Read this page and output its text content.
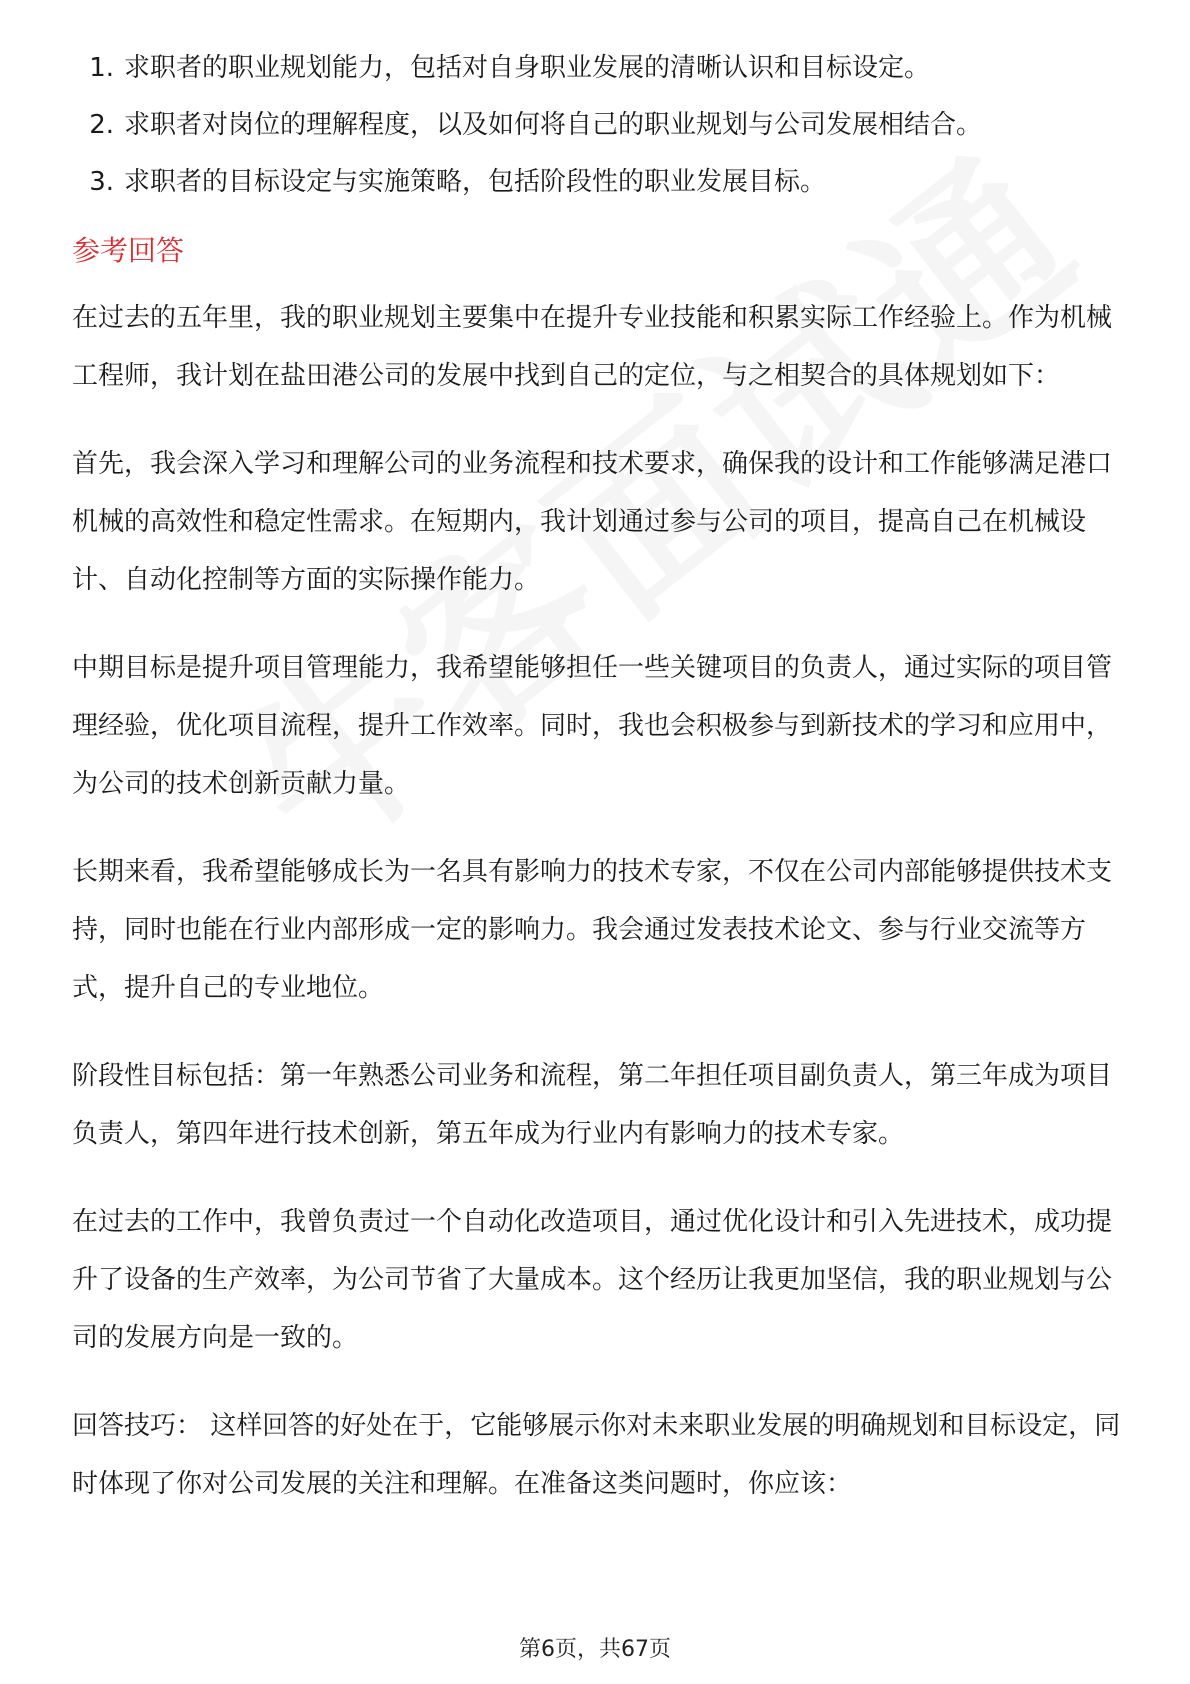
1. 求职者的职业规划能力，包括对自身职业发展的清晰认识和目标设定。
2. 求职者对岗位的理解程度，以及如何将自己的职业规划与公司发展相结合。
3. 求职者的目标设定与实施策略，包括阶段性的职业发展目标。
参考回答

在过去的五年里，我的职业规划主要集中在提升专业技能和积累实际工作经验上。作为机械工程师，我计划在盐田港公司的发展中找到自己的定位，与之相契合的具体规划如下：

首先，我会深入学习和理解公司的业务流程和技术要求，确保我的设计和工作能够满足港口机械的高效性和稳定性需求。在短期内，我计划通过参与公司的项目，提高自己在机械设计、自动化控制等方面的实际操作能力。

中期目标是提升项目管理能力，我希望能够担任一些关键项目的负责人，通过实际的项目管理经验，优化项目流程，提升工作效率。同时，我也会积极参与到新技术的学习和应用中，为公司的技术创新贡献力量。

长期来看，我希望能够成长为一名具有影响力的技术专家，不仅在公司内部能够提供技术支持，同时也能在行业内部形成一定的影响力。我会通过发表技术论文、参与行业交流等方式，提升自己的专业地位。

阶段性目标包括：第一年熟悉公司业务和流程，第二年担任项目副负责人，第三年成为项目负责人，第四年进行技术创新，第五年成为行业内有影响力的技术专家。

在过去的工作中，我曾负责过一个自动化改造项目，通过优化设计和引入先进技术，成功提升了设备的生产效率，为公司节省了大量成本。这个经历让我更加坚信，我的职业规划与公司的发展方向是一致的。

回答技巧： 这样回答的好处在于，它能够展示你对未来职业发展的明确规划和目标设定，同时体现了你对公司发展的关注和理解。在准备这类问题时，你应该：

第6页，共67页
